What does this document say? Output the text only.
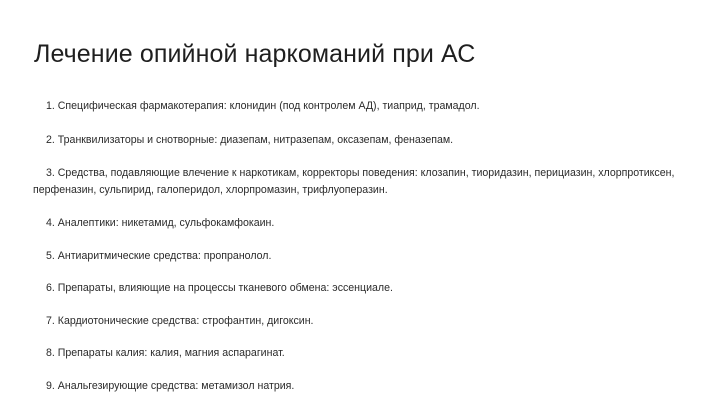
Лечение опийной наркоманий при АС

1. Специфическая фармакотерапия: клонидин (под контролем АД), тиаприд, трамадол.

2. Транквилизаторы и снотворные: диазепам, нитразепам, оксазепам, феназепам.

3. Средства, подавляющие влечение к наркотикам, корректоры поведения: клозапин, тиоридазин, перициазин, хлорпротиксен, перфеназин, сульпирид, галоперидол, хлорпромазин, трифлуоперазин.

4. Аналептики: никетамид, сульфокамфокаин.

5. Антиаритмические средства: пропранолол.

6. Препараты, влияющие на процессы тканевого обмена: эссенциале.

7. Кардиотонические средства: строфантин, дигоксин.

8. Препараты калия: калия, магния аспарагинат.

9. Анальгезирующие средства: метамизол натрия.
